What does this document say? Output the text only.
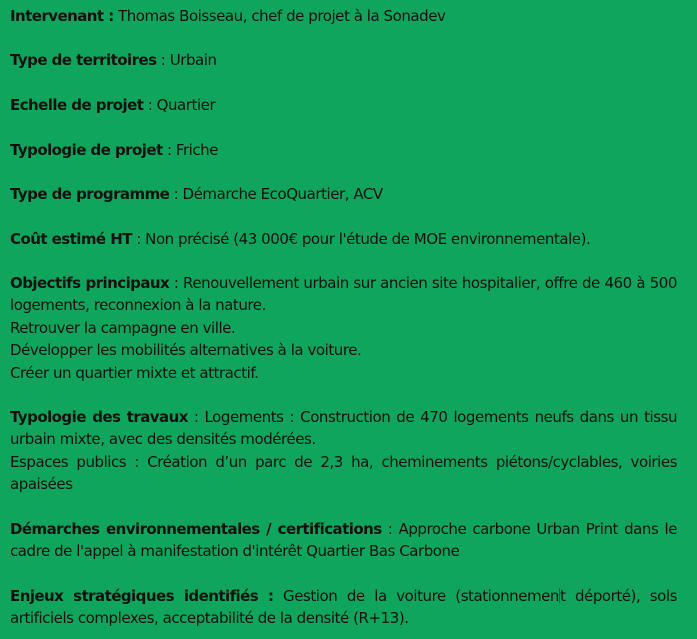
Intervenant : Thomas Boisseau, chef de projet à la Sonadev

Type de territoires : Urbain

Echelle de projet : Quartier

Typologie de projet : Friche

Type de programme : Démarche EcoQuartier, ACV

Coût estimé HT : Non précisé (43 000€ pour l'étude de MOE environnementale).

Objectifs principaux : Renouvellement urbain sur ancien site hospitalier, offre de 460 à 500 logements, reconnexion à la nature.
Retrouver la campagne en ville.
Développer les mobilités alternatives à la voiture.
Créer un quartier mixte et attractif.
Typologie des travaux : Logements : Construction de 470 logements neufs dans un tissu urbain mixte, avec des densités modérées.
Espaces publics : Création d’un parc de 2,3 ha, cheminements piétons/cyclables, voiries apaisées

Démarches environnementales / certifications : Approche carbone Urban Print dans le cadre de l'appel à manifestation d'intérêt Quartier Bas Carbone

Enjeux stratégiques identifiés : Gestion de la voiture (stationnement déporté), sols artificiels complexes, acceptabilité de la densité (R+13).
